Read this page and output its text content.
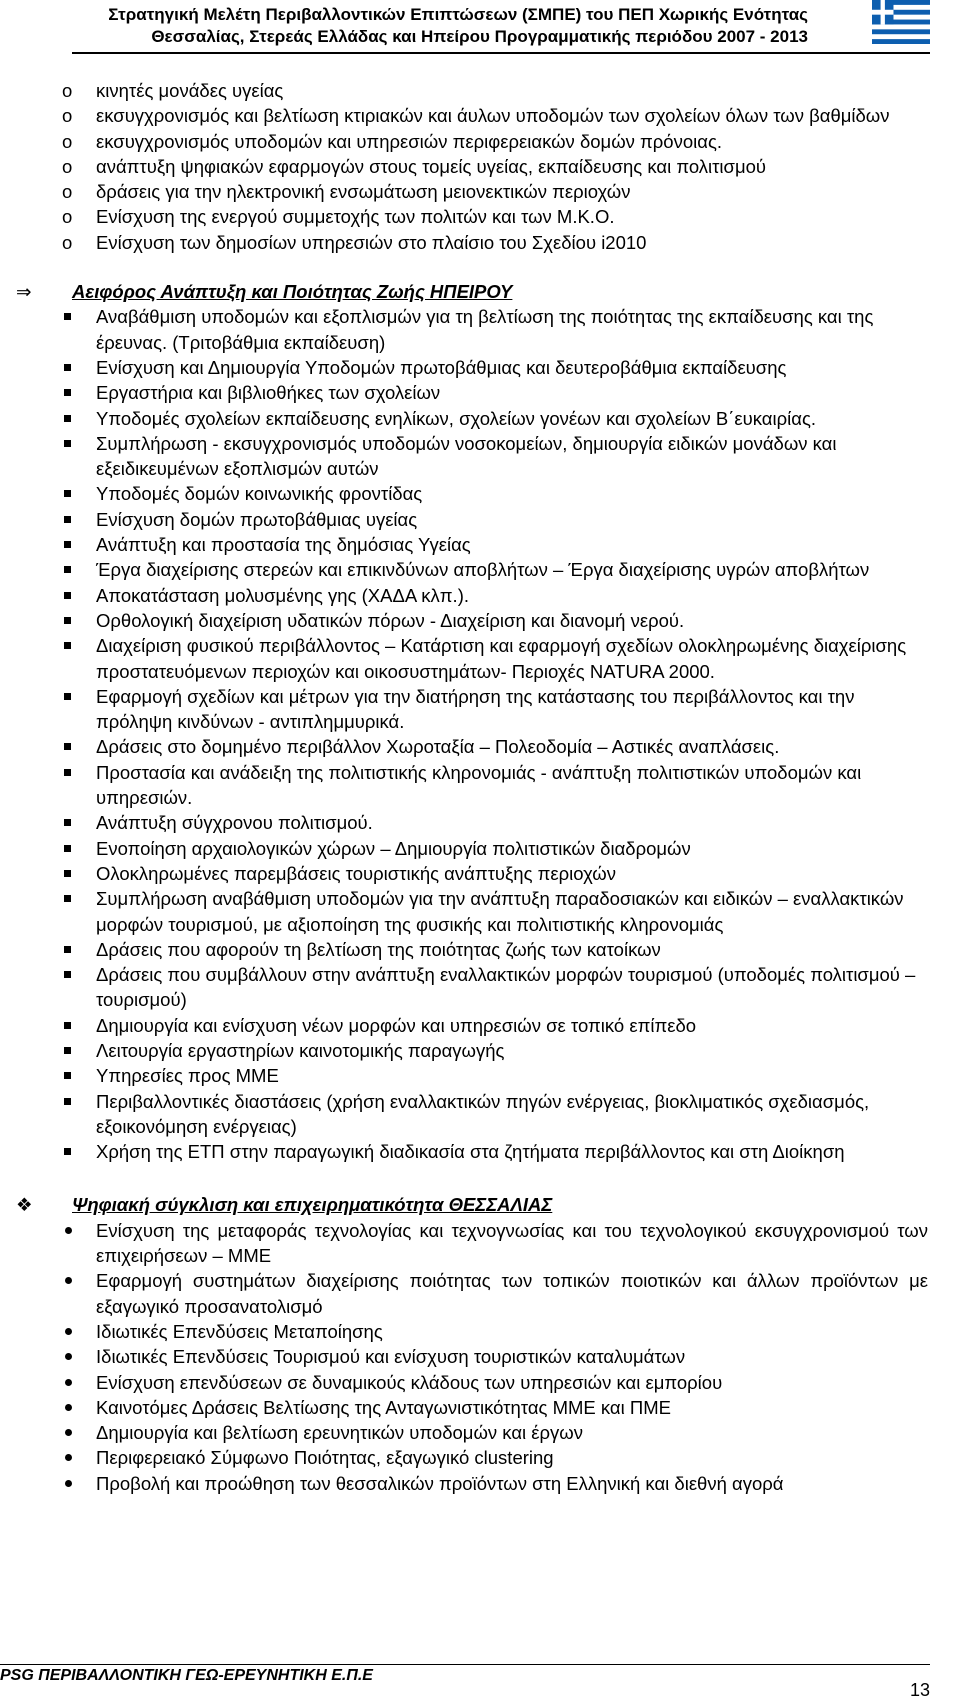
Στρατηγική Μελέτη Περιβαλλοντικών Επιπτώσεων (ΣΜΠΕ) του ΠΕΠ Χωρικής Ενότητας
Θεσσαλίας, Στερεάς Ελλάδας και Ηπείρου Προγραμματικής περιόδου 2007 - 2013
o
κινητές μονάδες υγείας
o
εκσυγχρονισμός και βελτίωση κτιριακών και άυλων υποδομών των σχολείων όλων των βαθμίδων
o
εκσυγχρονισμός υποδομών και υπηρεσιών περιφερειακών δομών πρόνοιας.
o
ανάπτυξη ψηφιακών εφαρμογών στους τομείς υγείας, εκπαίδευσης και πολιτισμού
o
δράσεις για την ηλεκτρονική ενσωμάτωση μειονεκτικών περιοχών
o
Ενίσχυση της ενεργού συμμετοχής των πολιτών και των Μ.Κ.Ο.
o
Ενίσχυση των δημοσίων υπηρεσιών στο πλαίσιο του Σχεδίου i2010
⇒ Αειφόρος Ανάπτυξη και Ποιότητας Ζωής ΗΠΕΙΡΟΥ
Αναβάθμιση υποδομών και εξοπλισμών για τη βελτίωση της ποιότητας της εκπαίδευσης και της έρευνας. (Τριτοβάθμια εκπαίδευση)
Ενίσχυση και Δημιουργία Υποδομών πρωτοβάθμιας και δευτεροβάθμια εκπαίδευσης
Εργαστήρια και βιβλιοθήκες των σχολείων
Υποδομές σχολείων εκπαίδευσης ενηλίκων, σχολείων γονέων και σχολείων Β΄ευκαιρίας.
Συμπλήρωση - εκσυγχρονισμός υποδομών νοσοκομείων, δημιουργία ειδικών μονάδων και εξειδικευμένων εξοπλισμών αυτών
Υποδομές δομών κοινωνικής φροντίδας
Ενίσχυση δομών πρωτοβάθμιας υγείας
Ανάπτυξη και προστασία της δημόσιας Υγείας
Έργα διαχείρισης στερεών και επικινδύνων αποβλήτων – Έργα διαχείρισης υγρών αποβλήτων
Αποκατάσταση μολυσμένης γης (ΧΑΔΑ κλπ.).
Ορθολογική διαχείριση υδατικών πόρων - Διαχείριση και διανομή νερού.
Διαχείριση φυσικού περιβάλλοντος – Κατάρτιση και εφαρμογή σχεδίων ολοκληρωμένης διαχείρισης προστατευόμενων περιοχών και οικοσυστημάτων- Περιοχές NATURA 2000.
Εφαρμογή σχεδίων και μέτρων για την διατήρηση της κατάστασης του περιβάλλοντος και την πρόληψη κινδύνων - αντιπλημμυρικά.
Δράσεις στο δομημένο περιβάλλον Χωροταξία – Πολεοδομία – Αστικές αναπλάσεις.
Προστασία και ανάδειξη της πολιτιστικής κληρονομιάς - ανάπτυξη πολιτιστικών υποδομών και υπηρεσιών.
Ανάπτυξη σύγχρονου πολιτισμού.
Ενοποίηση αρχαιολογικών χώρων – Δημιουργία πολιτιστικών διαδρομών
Ολοκληρωμένες παρεμβάσεις τουριστικής ανάπτυξης περιοχών
Συμπλήρωση αναβάθμιση υποδομών για την ανάπτυξη παραδοσιακών και ειδικών – εναλλακτικών μορφών τουρισμού, με αξιοποίηση της φυσικής και πολιτιστικής κληρονομιάς
Δράσεις που αφορούν τη βελτίωση της ποιότητας ζωής των κατοίκων
Δράσεις που συμβάλλουν στην ανάπτυξη εναλλακτικών μορφών τουρισμού (υποδομές πολιτισμού – τουρισμού)
Δημιουργία και ενίσχυση νέων μορφών και υπηρεσιών σε τοπικό επίπεδο
Λειτουργία εργαστηρίων καινοτομικής παραγωγής
Υπηρεσίες προς ΜΜΕ
Περιβαλλοντικές διαστάσεις (χρήση εναλλακτικών πηγών ενέργειας, βιοκλιματικός σχεδιασμός, εξοικονόμηση ενέργειας)
Χρήση της ΕΤΠ στην παραγωγική διαδικασία στα ζητήματα περιβάλλοντος και στη Διοίκηση
❖ Ψηφιακή σύγκλιση και επιχειρηματικότητα ΘΕΣΣΑΛΙΑΣ
Ενίσχυση της μεταφοράς τεχνολογίας και τεχνογνωσίας και του τεχνολογικού εκσυγχρονισμού των επιχειρήσεων – ΜΜΕ
Εφαρμογή συστημάτων διαχείρισης ποιότητας των τοπικών ποιοτικών και άλλων προϊόντων με εξαγωγικό προσανατολισμό
Ιδιωτικές Επενδύσεις Μεταποίησης
Ιδιωτικές Επενδύσεις Τουρισμού και ενίσχυση τουριστικών καταλυμάτων
Ενίσχυση επενδύσεων σε δυναμικούς κλάδους των υπηρεσιών και εμπορίου
Καινοτόμες Δράσεις Βελτίωσης της Ανταγωνιστικότητας ΜΜΕ και ΠΜΕ
Δημιουργία και βελτίωση ερευνητικών υποδομών και έργων
Περιφερειακό Σύμφωνο Ποιότητας, εξαγωγικό clustering
Προβολή και προώθηση των θεσσαλικών προϊόντων στη Ελληνική και διεθνή αγορά
PSG ΠΕΡΙΒΑΛΛΟΝΤΙΚΗ ΓΕΩ-ΕΡΕΥΝΗΤΙΚΗ Ε.Π.Ε
13
